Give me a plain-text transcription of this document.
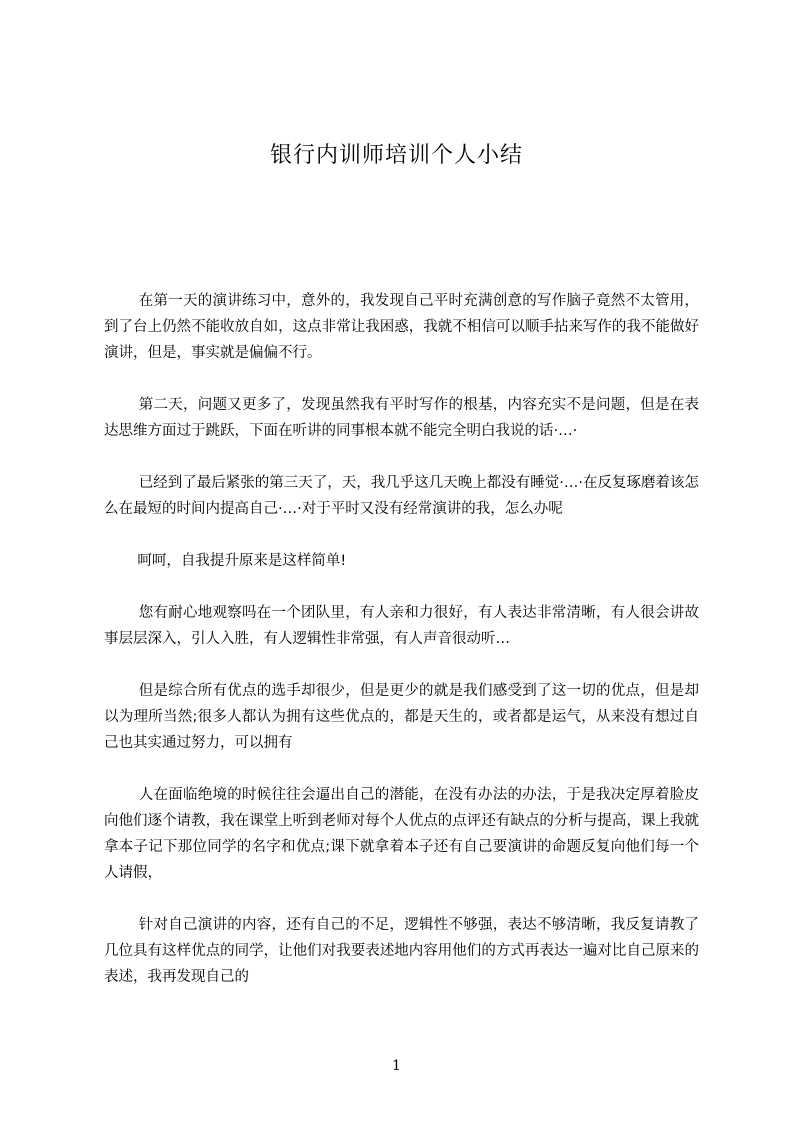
银行内训师培训个人小结

在第一天的演讲练习中，意外的，我发现自己平时充满创意的写作脑子竟然不太管用，到了台上仍然不能收放自如，这点非常让我困惑，我就不相信可以顺手拈来写作的我不能做好演讲，但是，事实就是偏偏不行。

第二天，问题又更多了，发现虽然我有平时写作的根基，内容充实不是问题，但是在表达思维方面过于跳跃，下面在听讲的同事根本就不能完全明白我说的话·…·

已经到了最后紧张的第三天了，天，我几乎这几天晚上都没有睡觉·…·在反复琢磨着该怎么在最短的时间内提高自己·…·对于平时又没有经常演讲的我，怎么办呢

呵呵，自我提升原来是这样简单!

您有耐心地观察吗在一个团队里，有人亲和力很好，有人表达非常清晰，有人很会讲故事层层深入，引人入胜，有人逻辑性非常强，有人声音很动听…

但是综合所有优点的选手却很少，但是更少的就是我们感受到了这一切的优点，但是却以为理所当然;很多人都认为拥有这些优点的，都是天生的，或者都是运气，从来没有想过自己也其实通过努力，可以拥有

人在面临绝境的时候往往会逼出自己的潜能，在没有办法的办法，于是我决定厚着脸皮向他们逐个请教，我在课堂上听到老师对每个人优点的点评还有缺点的分析与提高，课上我就拿本子记下那位同学的名字和优点;课下就拿着本子还有自己要演讲的命题反复向他们每一个人请假，

针对自己演讲的内容，还有自己的不足，逻辑性不够强，表达不够清晰，我反复请教了几位具有这样优点的同学，让他们对我要表述地内容用他们的方式再表达一遍对比自己原来的表述，我再发现自己的

1
